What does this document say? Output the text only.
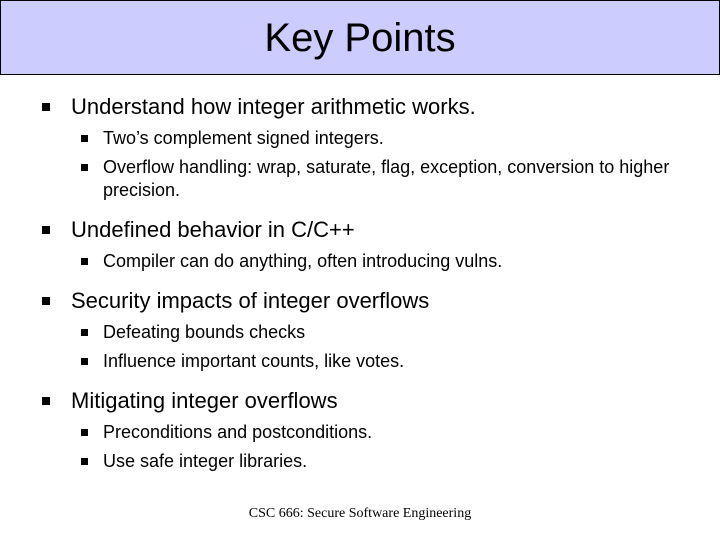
Key Points
Understand how integer arithmetic works.
Two’s complement signed integers.
Overflow handling: wrap, saturate, flag, exception, conversion to higher precision.
Undefined behavior in C/C++
Compiler can do anything, often introducing vulns.
Security impacts of integer overflows
Defeating bounds checks
Influence important counts, like votes.
Mitigating integer overflows
Preconditions and postconditions.
Use safe integer libraries.
CSC 666: Secure Software Engineering
